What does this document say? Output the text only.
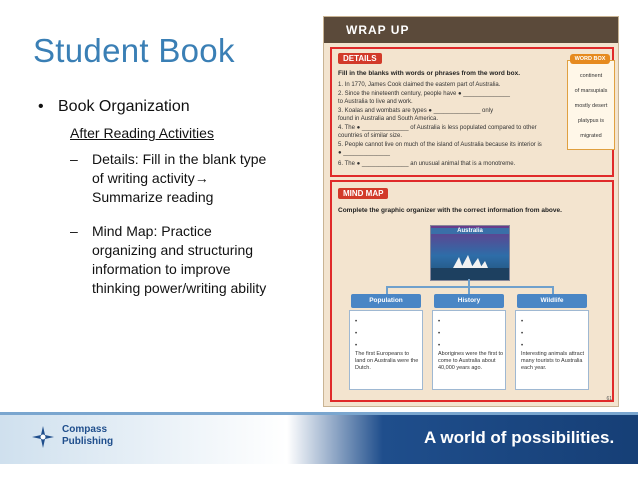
Student Book
• Book Organization
After Reading Activities
– Details: Fill in the blank type
of writing activity→
Summarize reading
– Mind Map: Practice
organizing and structuring
information to improve
thinking power/writing ability
WRAP UP
DETAILS
Fill in the blanks with words or phrases from the word box.
1. In 1770, James Cook claimed the eastern part of Australia.
2. Since the nineteenth century, people have ● ______________
to Australia to live and work.
3. Koalas and wombats are types ● ______________ only
found in Australia and South America.
4. The ● ______________ of Australia is less populated compared to other
countries of similar size.
5. People cannot live on much of the island of Australia because its interior is
● ______________
6. The ● ______________ an unusual animal that is a monotreme.
WORD BOX
continent
of marsupials
mostly desert
platypus is
migrated
MIND MAP
Complete the graphic organizer with the correct information from above.
Australia
Population	History	Wildlife
•
•
•
The first Europeans to land on Australia were the Dutch.
•
•
•
Aborigines were the first to come to Australia about 40,000 years ago.
•
•
•
Interesting animals attract many tourists to Australia each year.
61
Compass
Publishing	A world of possibilities.
